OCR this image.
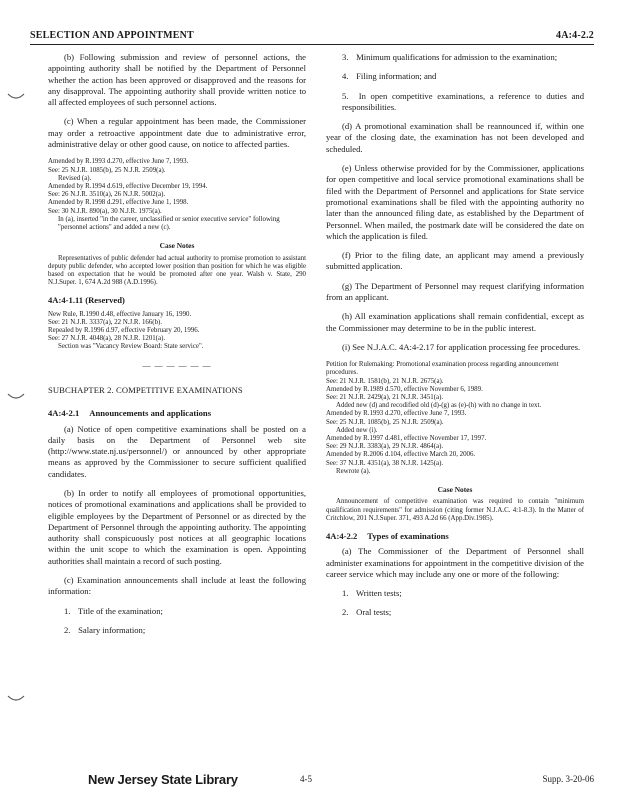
SELECTION AND APPOINTMENT	4A:4-2.2

(b) Following submission and review of personnel actions, the appointing authority shall be notified by the Department of Personnel whether the action has been approved or disapproved and the reasons for any disapproval. The appointing authority shall provide written notice to all affected employees of such personnel actions.

(c) When a regular appointment has been made, the Commissioner may order a retroactive appointment date due to administrative error, administrative delay or other good cause, on notice to affected parties.

Amended by R.1993 d.270, effective June 7, 1993.
See: 25 N.J.R. 1085(b), 25 N.J.R. 2509(a).
Revised (a).
Amended by R.1994 d.619, effective December 19, 1994.
See: 26 N.J.R. 3510(a), 26 N.J.R. 5002(a).
Amended by R.1998 d.291, effective June 1, 1998.
See: 30 N.J.R. 890(a), 30 N.J.R. 1975(a).
In (a), inserted "in the career, unclassified or senior executive service" following "personnel actions" and added a new (c).
Case Notes
Representatives of public defender had actual authority to promise promotion to assistant deputy public defender, who accepted lower position than position for which he was eligible based on expectation that he would be promoted after one year. Walsh v. State, 290 N.J.Super. 1, 674 A.2d 988 (A.D.1996).
4A:4-1.11 (Reserved)
New Rule, R.1990 d.48, effective January 16, 1990.
See: 21 N.J.R. 3337(a), 22 N.J.R. 166(b).
Repealed by R.1996 d.97, effective February 20, 1996.
See: 27 N.J.R. 4048(a), 28 N.J.R. 1201(a).
Section was "Vacancy Review Board: State service".
— — — — — —
SUBCHAPTER 2. COMPETITIVE EXAMINATIONS
4A:4-2.1 Announcements and applications

(a) Notice of open competitive examinations shall be posted on a daily basis on the Department of Personnel web site (http://www.state.nj.us/personnel/) or announced by other appropriate means as approved by the Commissioner to secure sufficient qualified candidates.

(b) In order to notify all employees of promotional opportunities, notices of promotional examinations and applications shall be provided to eligible employees by the Department of Personnel or as directed by the Department of Personnel through the appointing authority. The appointing authority shall conspicuously post notices at all geographic locations within the unit scope to which the examination is open. Appointing authorities shall maintain a record of such posting.

(c) Examination announcements shall include at least the following information:

1. Title of the examination;

2. Salary information;

3. Minimum qualifications for admission to the examination;

4. Filing information; and

5. In open competitive examinations, a reference to duties and responsibilities.

(d) A promotional examination shall be reannounced if, within one year of the closing date, the examination has not been developed and scheduled.

(e) Unless otherwise provided for by the Commissioner, applications for open competitive and local service promotional examinations shall be filed with the Department of Personnel and applications for State service promotional examinations shall be filed with the appointing authority no later than the announced filing date, as established by the Department of Personnel. When mailed, the postmark date will be considered the date on which the application is filed.

(f) Prior to the filing date, an applicant may amend a previously submitted application.

(g) The Department of Personnel may request clarifying information from an applicant.

(h) All examination applications shall remain confidential, except as the Commissioner may determine to be in the public interest.

(i) See N.J.A.C. 4A:4-2.17 for application processing fee procedures.

Petition for Rulemaking: Promotional examination process regarding announcement procedures.
See: 21 N.J.R. 1581(b), 21 N.J.R. 2675(a).
Amended by R.1989 d.570, effective November 6, 1989.
See: 21 N.J.R. 2429(a), 21 N.J.R. 3451(a).
Added new (d) and recodified old (d)-(g) as (e)-(h) with no change in text.
Amended by R.1993 d.270, effective June 7, 1993.
See: 25 N.J.R. 1085(b), 25 N.J.R. 2509(a).
Added new (i).
Amended by R.1997 d.481, effective November 17, 1997.
See: 29 N.J.R. 3383(a), 29 N.J.R. 4864(a).
Amended by R.2006 d.104, effective March 20, 2006.
See: 37 N.J.R. 4351(a), 38 N.J.R. 1425(a).
Rewrote (a).
Case Notes
Announcement of competitive examination was required to contain "minimum qualification requirements" for admission (citing former N.J.A.C. 4:1-8.3). In the Matter of Critchlow, 201 N.J.Super. 371, 493 A.2d 66 (App.Div.1985).
4A:4-2.2 Types of examinations

(a) The Commissioner of the Department of Personnel shall administer examinations for appointment in the competitive division of the career service which may include any one or more of the following:

1. Written tests;

2. Oral tests;

New Jersey State Library	4-5	Supp. 3-20-06
